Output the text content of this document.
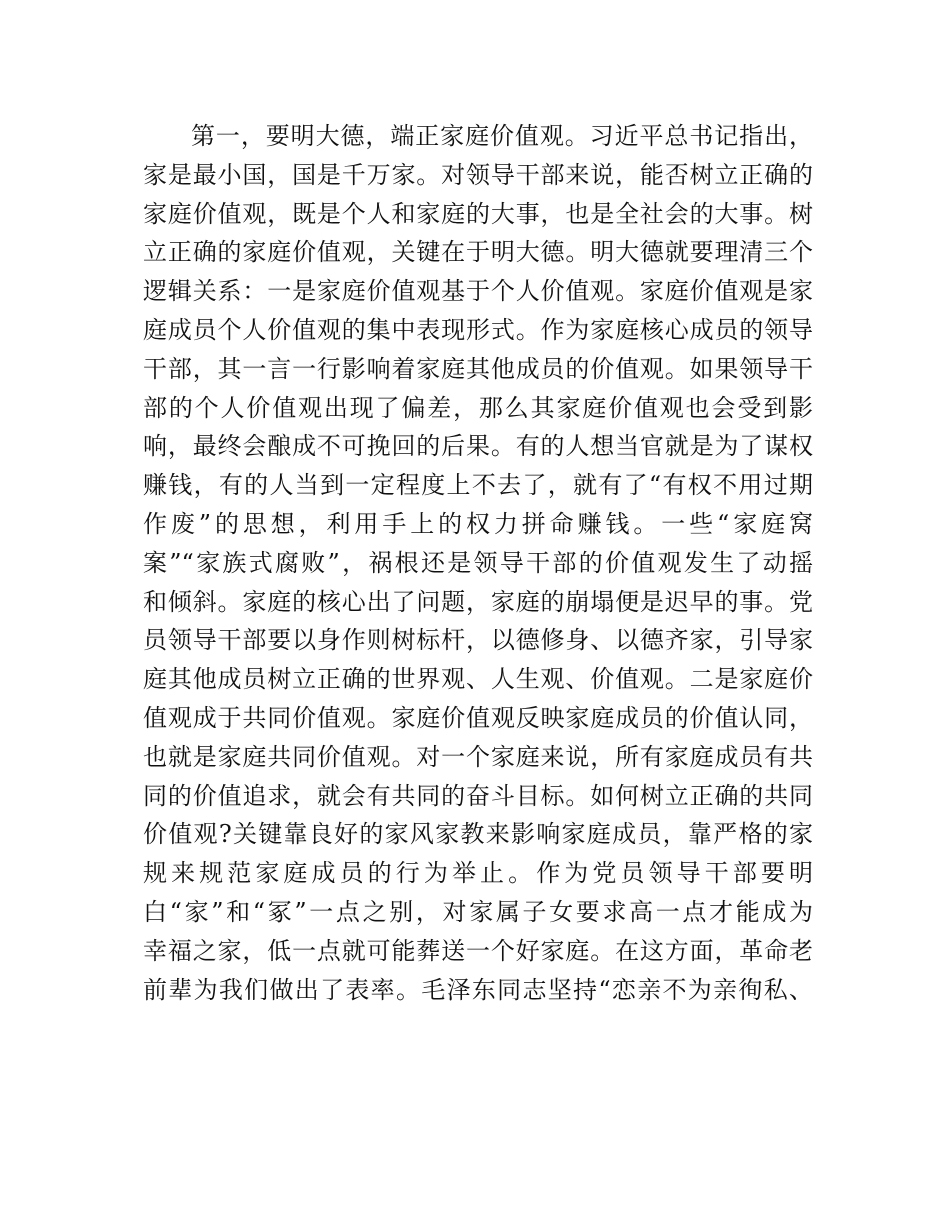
第一，要明大德，端正家庭价值观。习近平总书记指出，
家是最小国，国是千万家。对领导干部来说，能否树立正确的
家庭价值观，既是个人和家庭的大事，也是全社会的大事。树
立正确的家庭价值观，关键在于明大德。明大德就要理清三个
逻辑关系：一是家庭价值观基于个人价值观。家庭价值观是家
庭成员个人价值观的集中表现形式。作为家庭核心成员的领导
干部，其一言一行影响着家庭其他成员的价值观。如果领导干
部的个人价值观出现了偏差，那么其家庭价值观也会受到影
响，最终会酿成不可挽回的后果。有的人想当官就是为了谋权
赚钱，有的人当到一定程度上不去了，就有了“有权不用过期
作废”的思想，利用手上的权力拼命赚钱。一些“家庭窝
案”“家族式腐败”，祸根还是领导干部的价值观发生了动摇
和倾斜。家庭的核心出了问题，家庭的崩塌便是迟早的事。党
员领导干部要以身作则树标杆，以德修身、以德齐家，引导家
庭其他成员树立正确的世界观、人生观、价值观。二是家庭价
值观成于共同价值观。家庭价值观反映家庭成员的价值认同，
也就是家庭共同价值观。对一个家庭来说，所有家庭成员有共
同的价值追求，就会有共同的奋斗目标。如何树立正确的共同
价值观?关键靠良好的家风家教来影响家庭成员，靠严格的家
规来规范家庭成员的行为举止。作为党员领导干部要明
白“家”和“冢”一点之别，对家属子女要求高一点才能成为
幸福之家，低一点就可能葬送一个好家庭。在这方面，革命老
前辈为我们做出了表率。毛泽东同志坚持“恋亲不为亲徇私、
